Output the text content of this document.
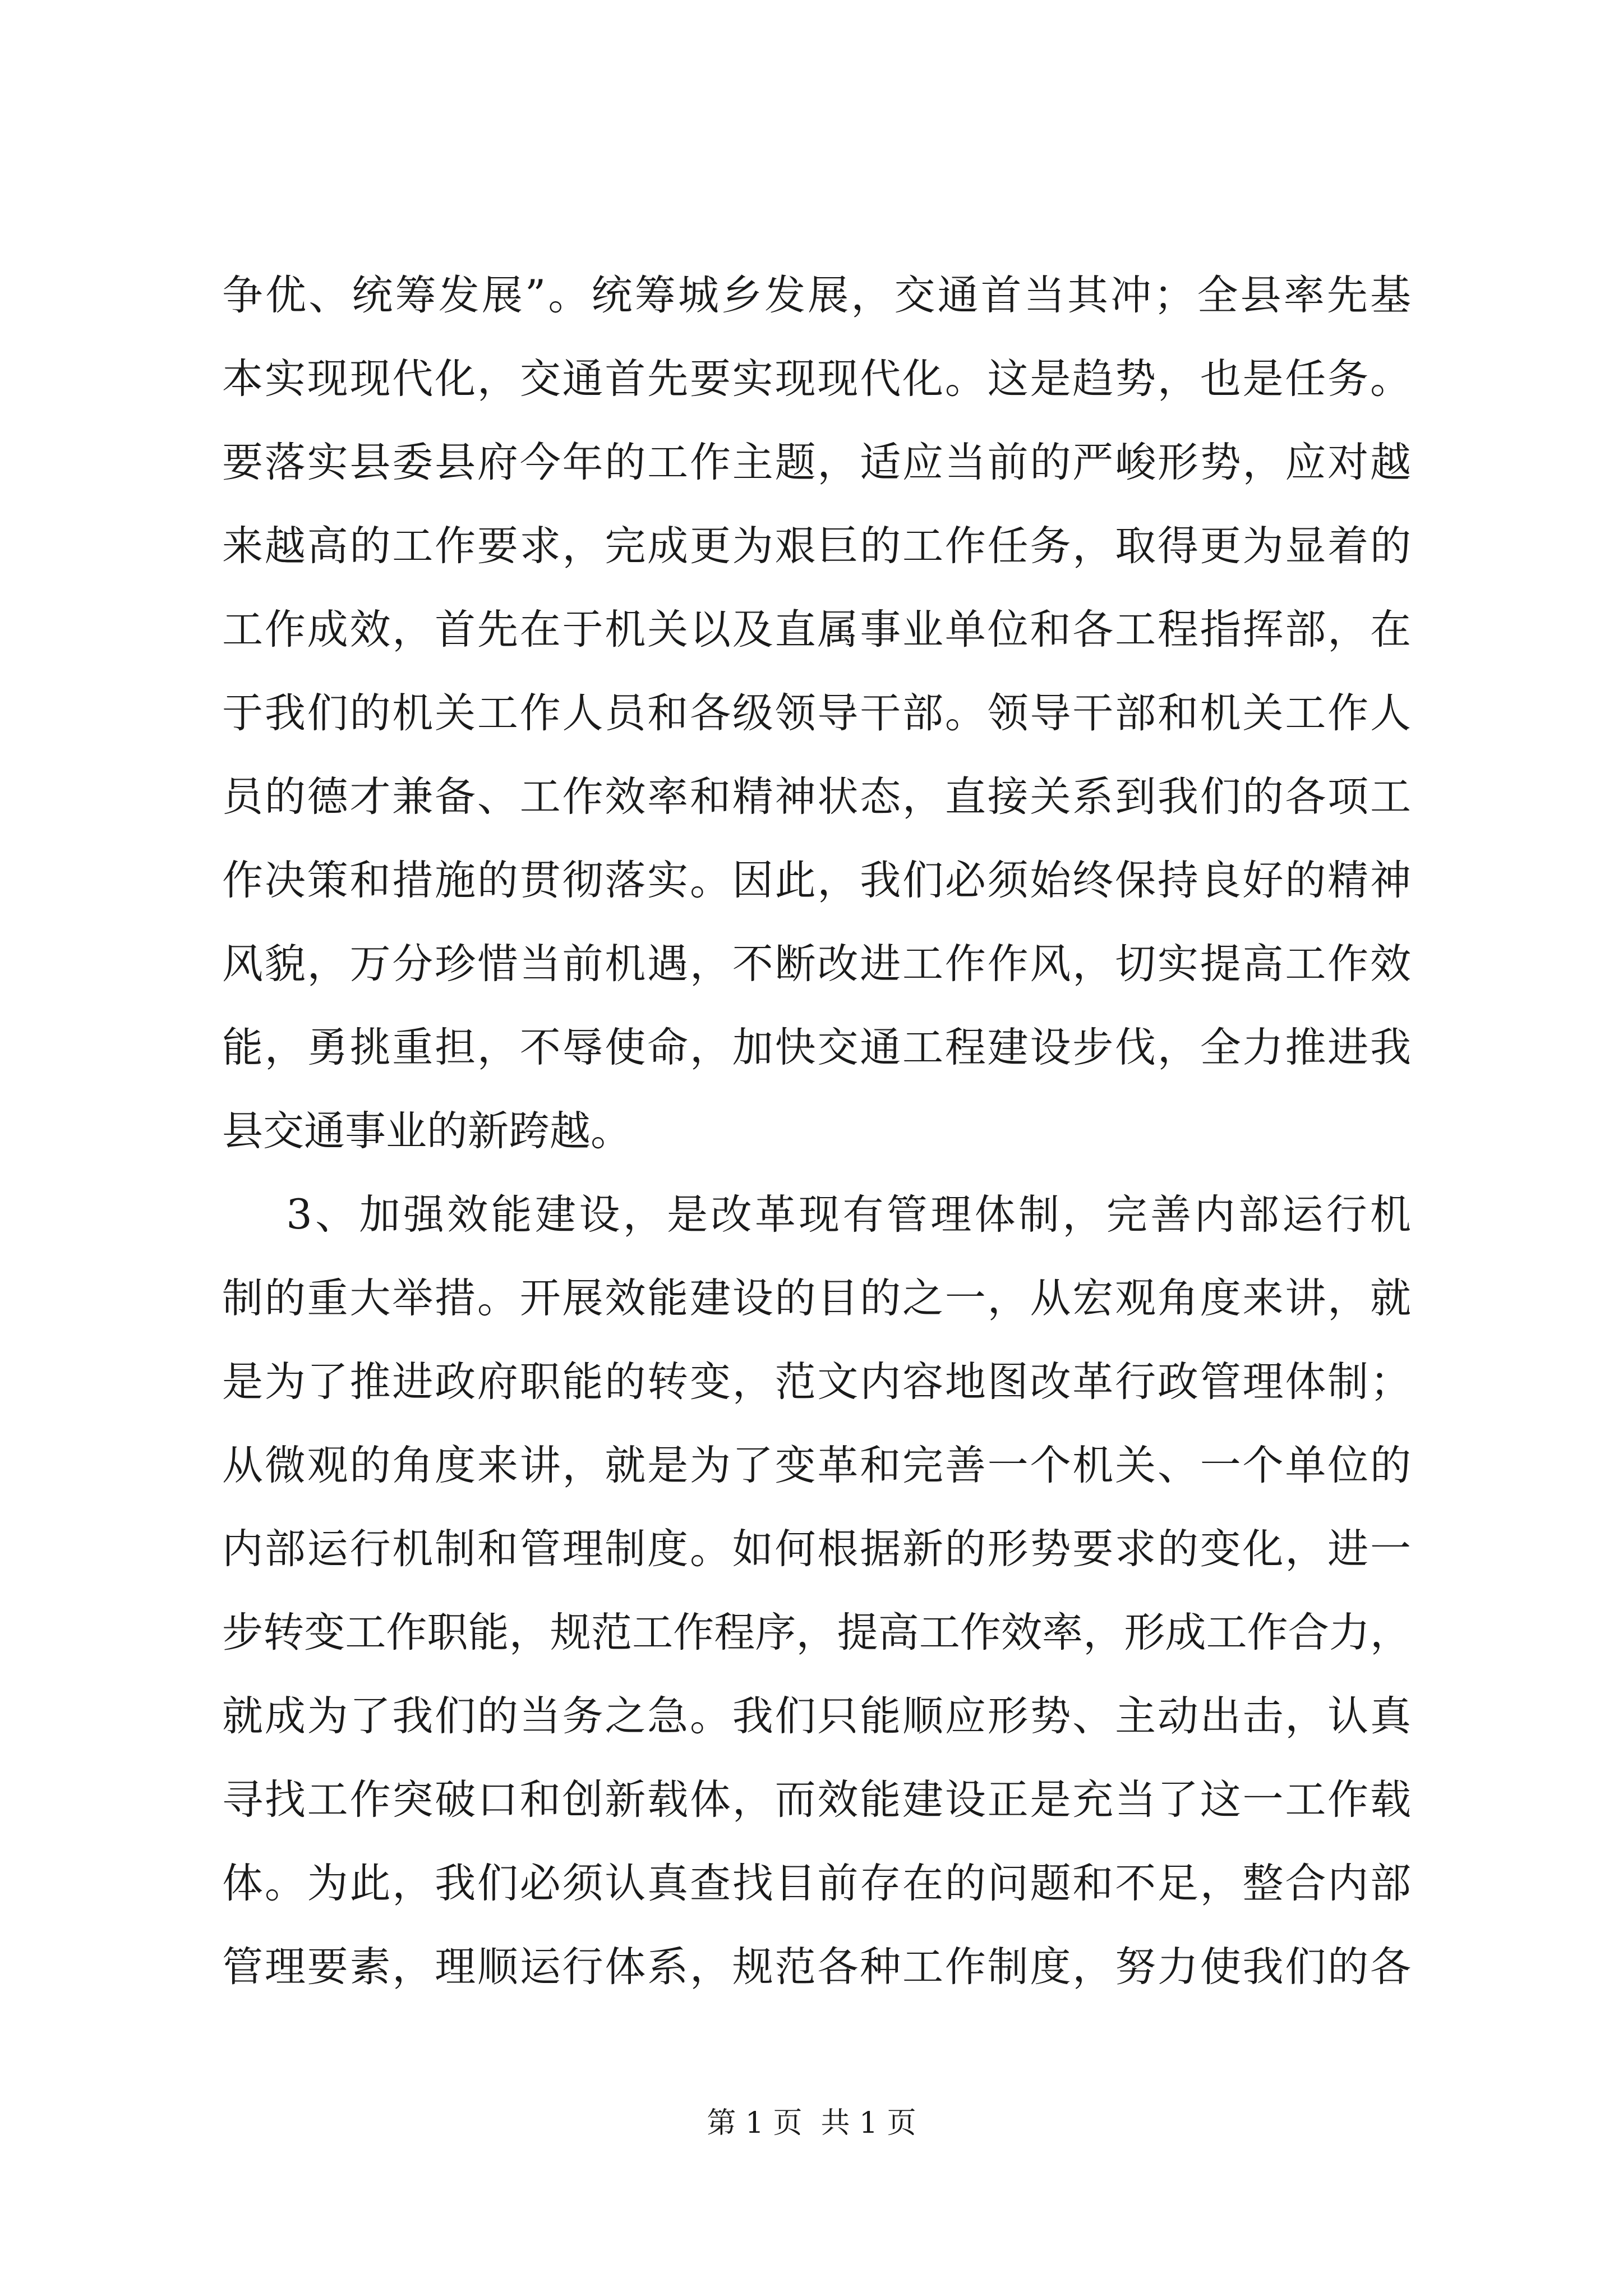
争优、统筹发展”。统筹城乡发展，交通首当其冲；全县率先基
本实现现代化，交通首先要实现现代化。这是趋势，也是任务。
要落实县委县府今年的工作主题，适应当前的严峻形势，应对越
来越高的工作要求，完成更为艰巨的工作任务，取得更为显着的
工作成效，首先在于机关以及直属事业单位和各工程指挥部，在
于我们的机关工作人员和各级领导干部。领导干部和机关工作人
员的德才兼备、工作效率和精神状态，直接关系到我们的各项工
作决策和措施的贯彻落实。因此，我们必须始终保持良好的精神
风貌，万分珍惜当前机遇，不断改进工作作风，切实提高工作效
能，勇挑重担，不辱使命，加快交通工程建设步伐，全力推进我
县交通事业的新跨越。
3、加强效能建设，是改革现有管理体制，完善内部运行机
制的重大举措。开展效能建设的目的之一，从宏观角度来讲，就
是为了推进政府职能的转变，范文内容地图改革行政管理体制；
从微观的角度来讲，就是为了变革和完善一个机关、一个单位的
内部运行机制和管理制度。如何根据新的形势要求的变化，进一
步转变工作职能，规范工作程序，提高工作效率，形成工作合力，
就成为了我们的当务之急。我们只能顺应形势、主动出击，认真
寻找工作突破口和创新载体，而效能建设正是充当了这一工作载
体。为此，我们必须认真查找目前存在的问题和不足，整合内部
管理要素，理顺运行体系，规范各种工作制度，努力使我们的各
第 1 页  共 1 页
